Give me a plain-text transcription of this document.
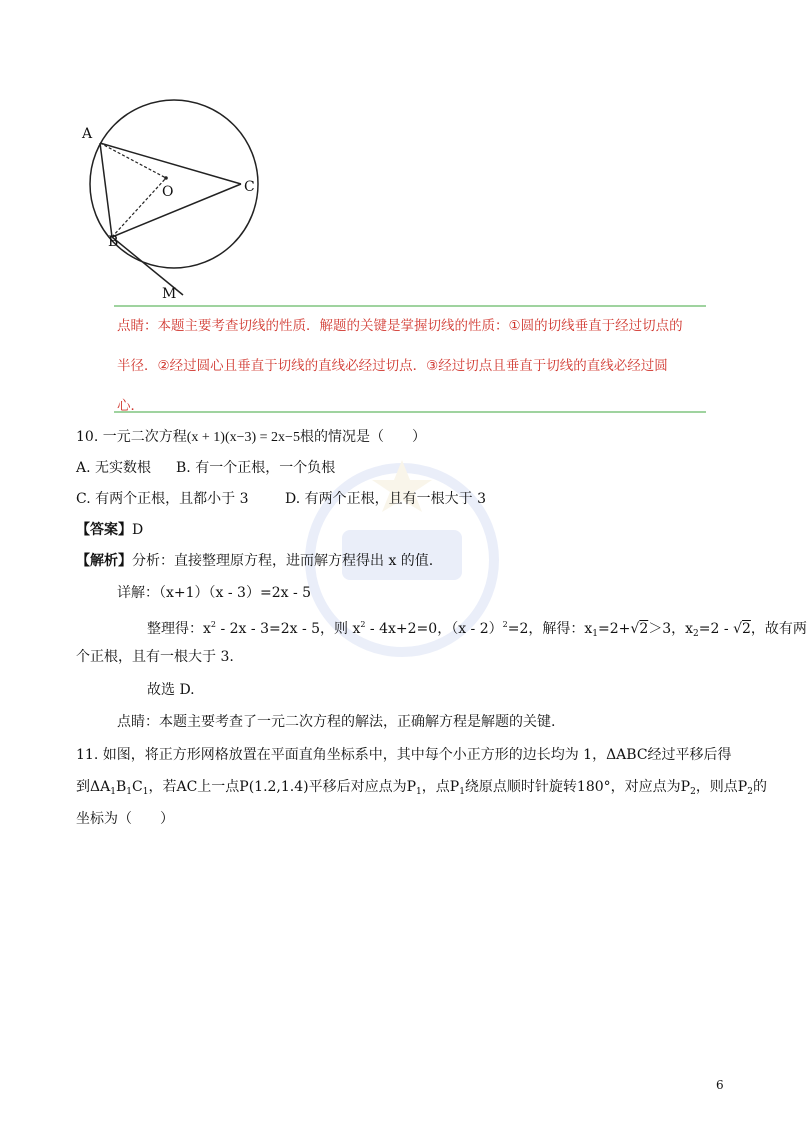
A
O	C
B
M
点睛：本题主要考查切线的性质．解题的关键是掌握切线的性质：①圆的切线垂直于经过切点的
半径．②经过圆心且垂直于切线的直线必经过切点．③经过切点且垂直于切线的直线必经过圆
心．
10. 一元二次方程(x + 1)(x−3) = 2x−5根的情况是（　　）
A. 无实数根 B. 有一个正根，一个负根
C. 有两个正根，且都小于 3	D. 有两个正根，且有一根大于 3
【答案】D
【解析】分析：直接整理原方程，进而解方程得出 x 的值.
详解：（x+1）（x - 3）=2x - 5
整理得：$x^2 - 2x - 3=2x - 5$，则 $x^2 - 4x+2=0$，（x - 2）$^2$=2，解得：$x_1=2+√2>3$，$x_2=2 - √2$，故有两
个正根，且有一根大于 3.
故选 D.
点睛：本题主要考查了一元二次方程的解法，正确解方程是解题的关键.
11. 如图，将正方形网格放置在平面直角坐标系中，其中每个小正方形的边长均为 1，ΔABC经过平移后得
到$\Delta A_1B_1C_1$，若AC上一点P(1.2,1.4)平移后对应点为$P_1$，点$P_1$绕原点顺时针旋转180°，对应点为$P_2$，则点$P_2$的
坐标为（　　）
6
